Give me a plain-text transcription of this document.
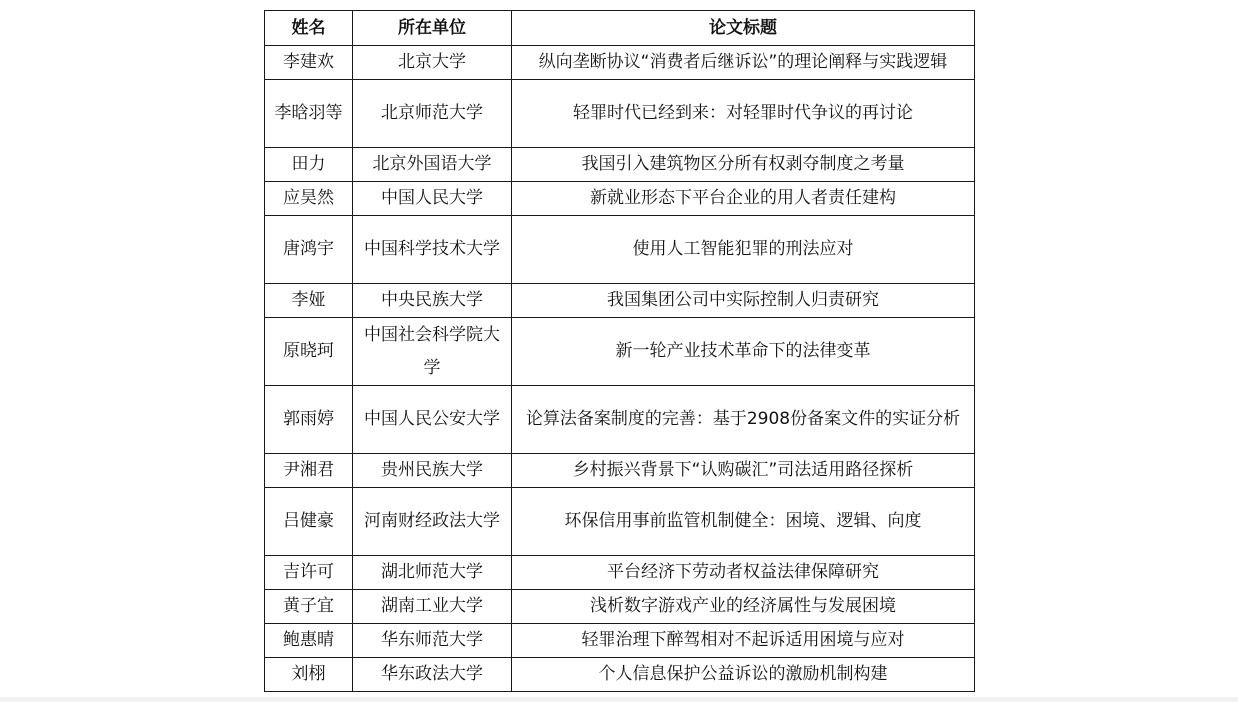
姓名	所在单位	论文标题
李建欢	北京大学	纵向垄断协议“消费者后继诉讼”的理论阐释与实践逻辑
李晗羽等	北京师范大学	轻罪时代已经到来：对轻罪时代争议的再讨论
田力	北京外国语大学	我国引入建筑物区分所有权剥夺制度之考量
应昊然	中国人民大学	新就业形态下平台企业的用人者责任建构
唐鸿宇	中国科学技术大学	使用人工智能犯罪的刑法应对
李娅	中央民族大学	我国集团公司中实际控制人归责研究
原晓珂	中国社会科学院大学	新一轮产业技术革命下的法律变革
郭雨婷	中国人民公安大学	论算法备案制度的完善：基于2908份备案文件的实证分析
尹湘君	贵州民族大学	乡村振兴背景下“认购碳汇”司法适用路径探析
吕健豪	河南财经政法大学	环保信用事前监管机制健全：困境、逻辑、向度
吉许可	湖北师范大学	平台经济下劳动者权益法律保障研究
黄子宜	湖南工业大学	浅析数字游戏产业的经济属性与发展困境
鲍惠晴	华东师范大学	轻罪治理下醉驾相对不起诉适用困境与应对
刘栩	华东政法大学	个人信息保护公益诉讼的激励机制构建
